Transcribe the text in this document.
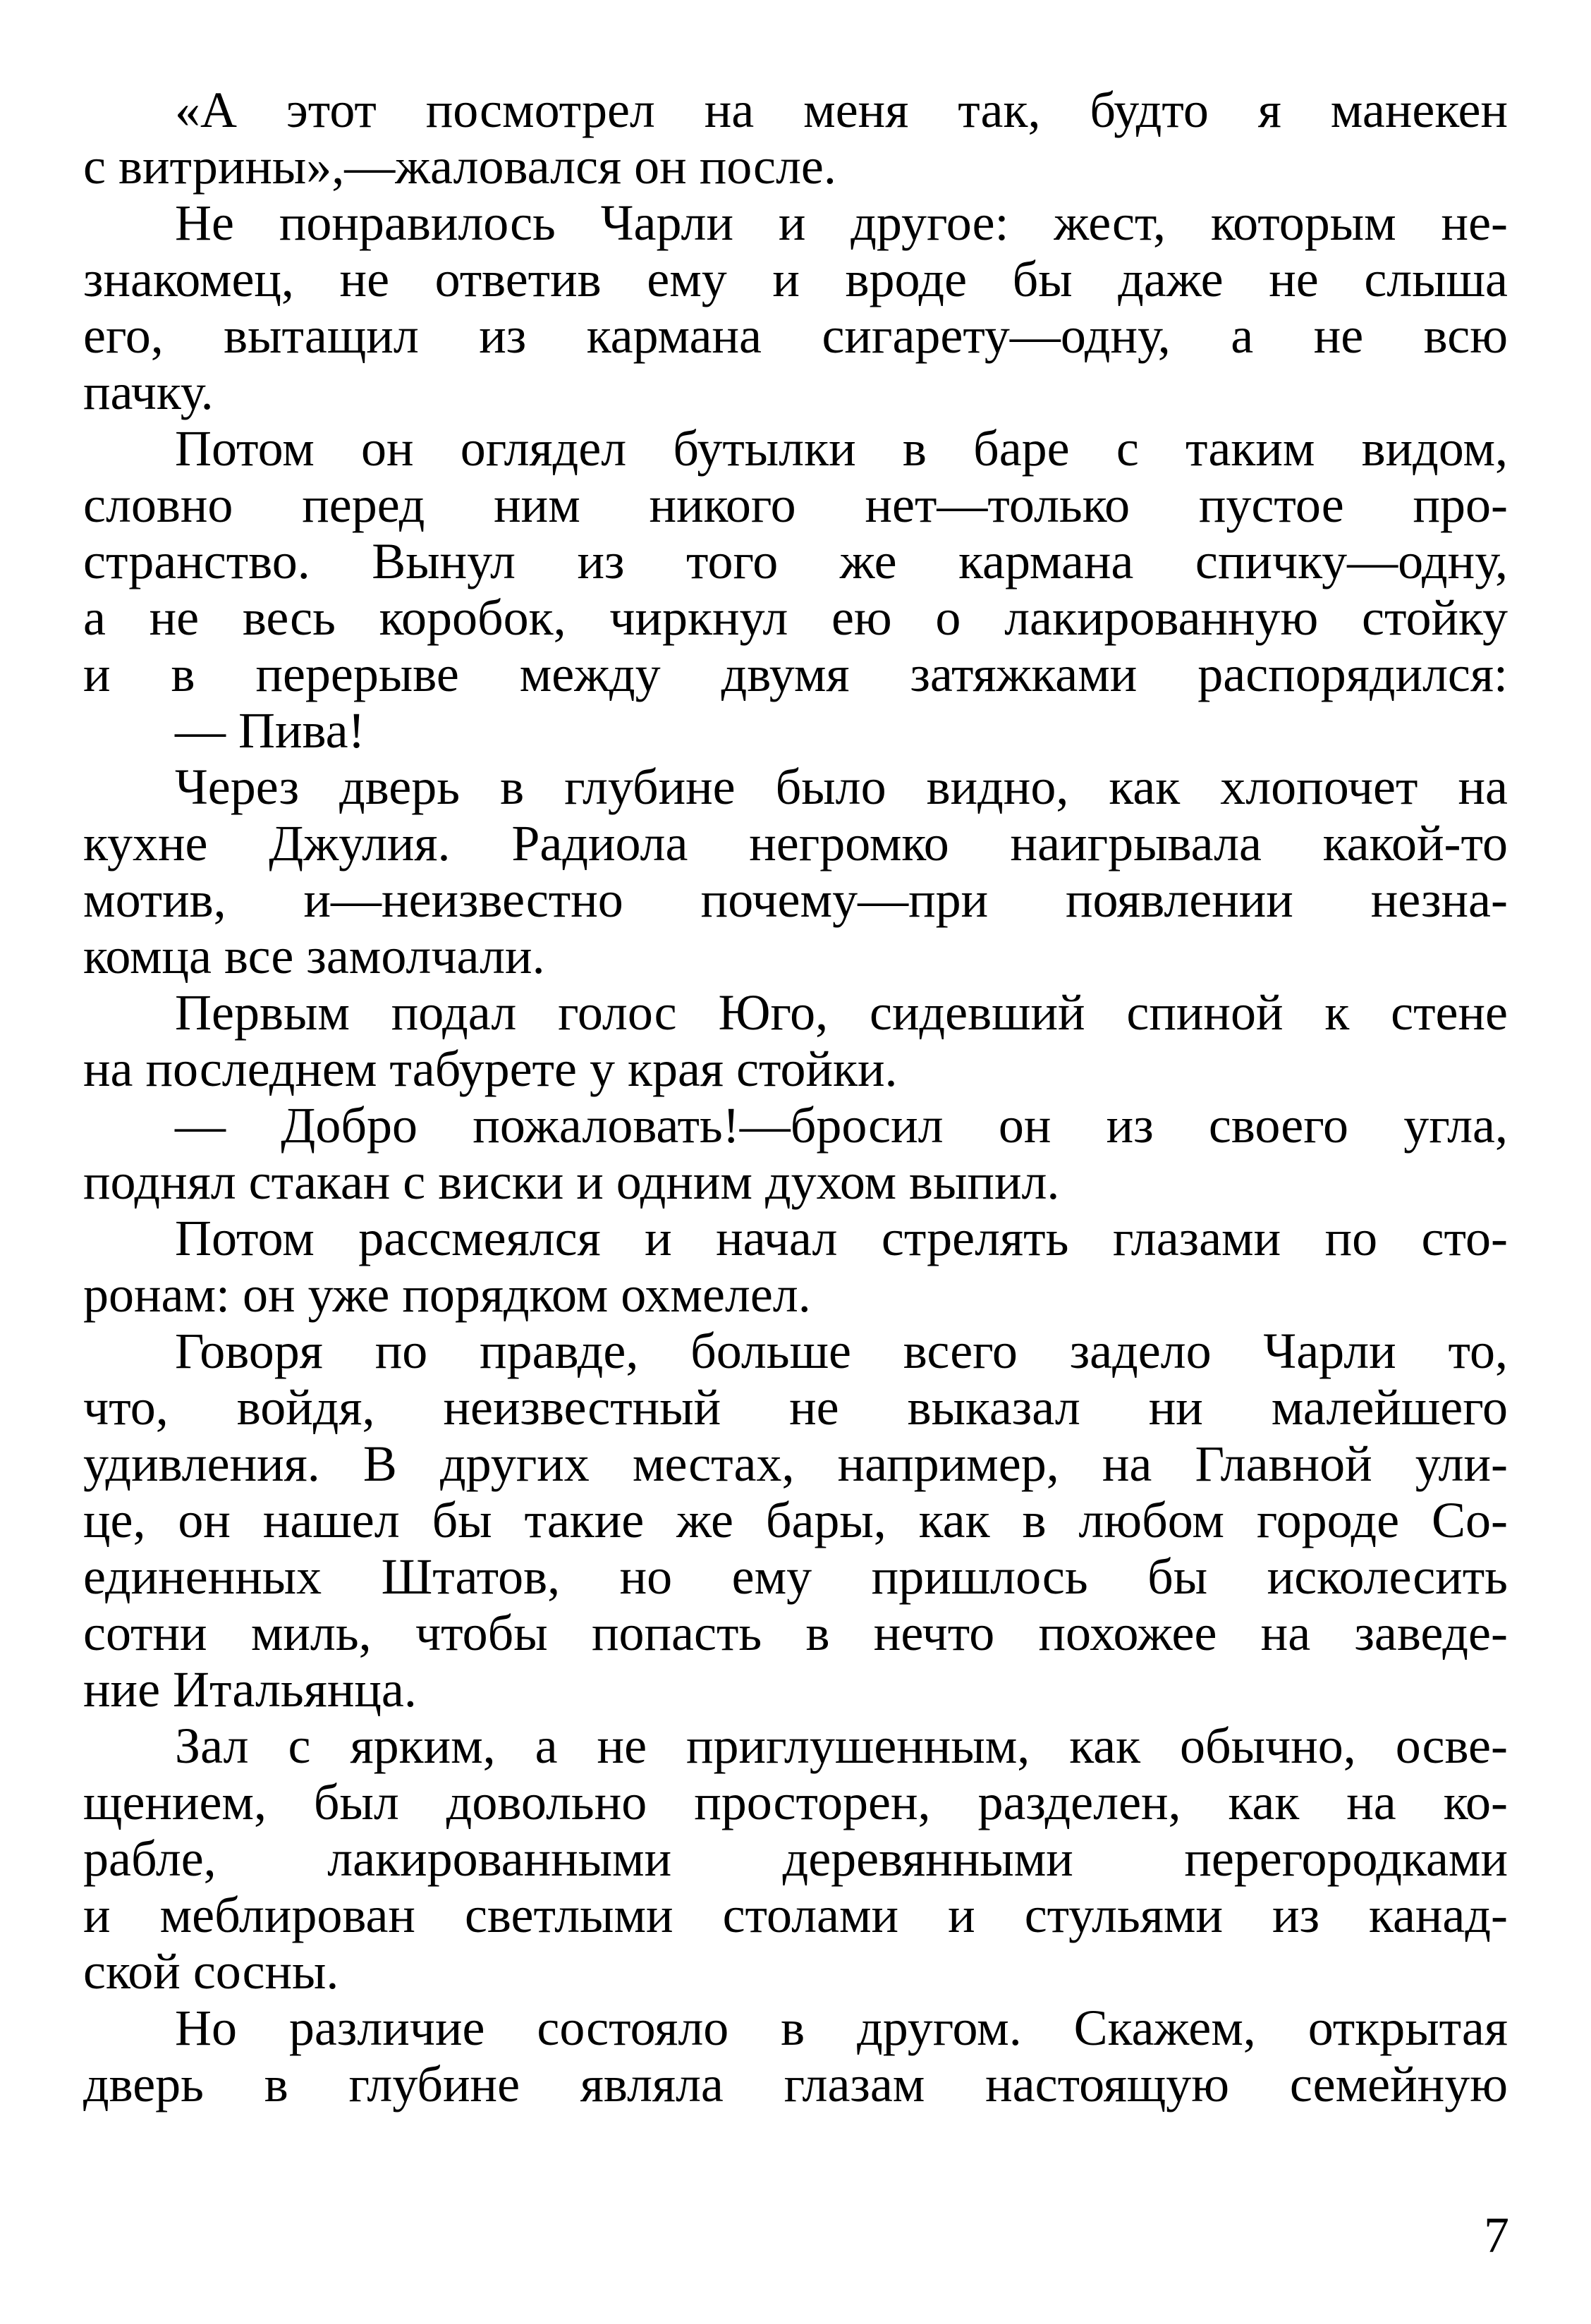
«А этот посмотрел на меня так, будто я манекен
с витрины»,—жаловался он после.
Не понравилось Чарли и другое: жест, которым не-
знакомец, не ответив ему и вроде бы даже не слыша
его, вытащил из кармана сигарету—одну, а не всю
пачку.
Потом он оглядел бутылки в баре с таким видом,
словно перед ним никого нет—только пустое про-
странство. Вынул из того же кармана спичку—одну,
а не весь коробок, чиркнул ею о лакированную стойку
и в перерыве между двумя затяжками распорядился:
— Пива!
Через дверь в глубине было видно, как хлопочет на
кухне Джулия. Радиола негромко наигрывала какой-то
мотив, и—неизвестно почему—при появлении незна-
комца все замолчали.
Первым подал голос Юго, сидевший спиной к стене
на последнем табурете у края стойки.
— Добро пожаловать!—бросил он из своего угла,
поднял стакан с виски и одним духом выпил.
Потом рассмеялся и начал стрелять глазами по сто-
ронам: он уже порядком охмелел.
Говоря по правде, больше всего задело Чарли то,
что, войдя, неизвестный не выказал ни малейшего
удивления. В других местах, например, на Главной ули-
це, он нашел бы такие же бары, как в любом городе Со-
единенных Штатов, но ему пришлось бы исколесить
сотни миль, чтобы попасть в нечто похожее на заведе-
ние Итальянца.
Зал с ярким, а не приглушенным, как обычно, осве-
щением, был довольно просторен, разделен, как на ко-
рабле, лакированными деревянными перегородками
и меблирован светлыми столами и стульями из канад-
ской сосны.
Но различие состояло в другом. Скажем, открытая
дверь в глубине являла глазам настоящую семейную
7
